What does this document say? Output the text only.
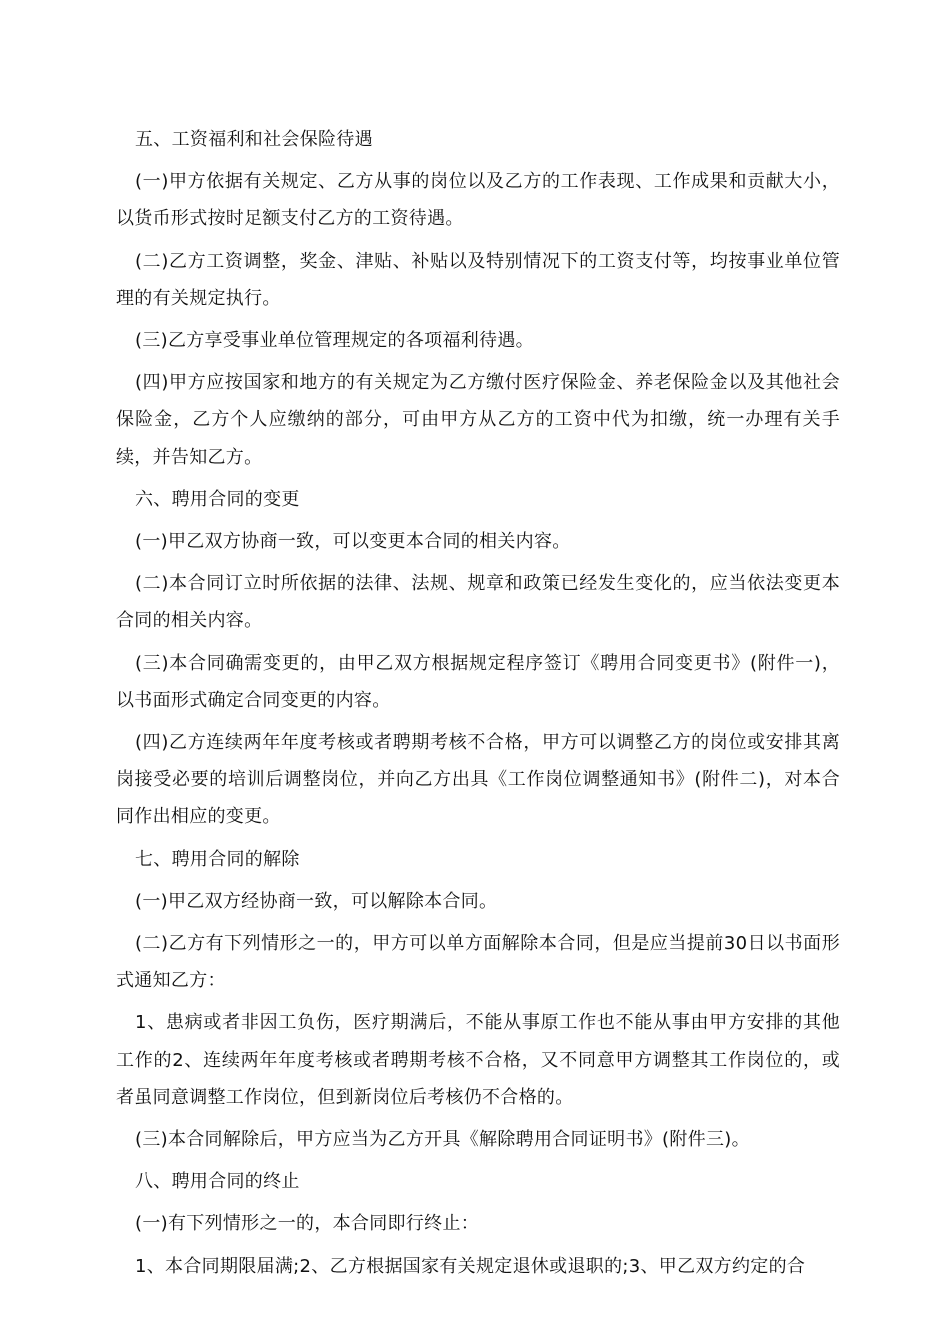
五、工资福利和社会保险待遇

(一)甲方依据有关规定、乙方从事的岗位以及乙方的工作表现、工作成果和贡献大小，以货币形式按时足额支付乙方的工资待遇。

(二)乙方工资调整，奖金、津贴、补贴以及特别情况下的工资支付等，均按事业单位管理的有关规定执行。

(三)乙方享受事业单位管理规定的各项福利待遇。

(四)甲方应按国家和地方的有关规定为乙方缴付医疗保险金、养老保险金以及其他社会保险金，乙方个人应缴纳的部分，可由甲方从乙方的工资中代为扣缴，统一办理有关手续，并告知乙方。

六、聘用合同的变更

(一)甲乙双方协商一致，可以变更本合同的相关内容。

(二)本合同订立时所依据的法律、法规、规章和政策已经发生变化的，应当依法变更本合同的相关内容。

(三)本合同确需变更的，由甲乙双方根据规定程序签订《聘用合同变更书》(附件一)，以书面形式确定合同变更的内容。

(四)乙方连续两年年度考核或者聘期考核不合格，甲方可以调整乙方的岗位或安排其离岗接受必要的培训后调整岗位，并向乙方出具《工作岗位调整通知书》(附件二)，对本合同作出相应的变更。

七、聘用合同的解除

(一)甲乙双方经协商一致，可以解除本合同。

(二)乙方有下列情形之一的，甲方可以单方面解除本合同，但是应当提前30日以书面形式通知乙方：

1、患病或者非因工负伤，医疗期满后，不能从事原工作也不能从事由甲方安排的其他工作的2、连续两年年度考核或者聘期考核不合格，又不同意甲方调整其工作岗位的，或者虽同意调整工作岗位，但到新岗位后考核仍不合格的。

(三)本合同解除后，甲方应当为乙方开具《解除聘用合同证明书》(附件三)。

八、聘用合同的终止

(一)有下列情形之一的，本合同即行终止：

1、本合同期限届满;2、乙方根据国家有关规定退休或退职的;3、甲乙双方约定的合
